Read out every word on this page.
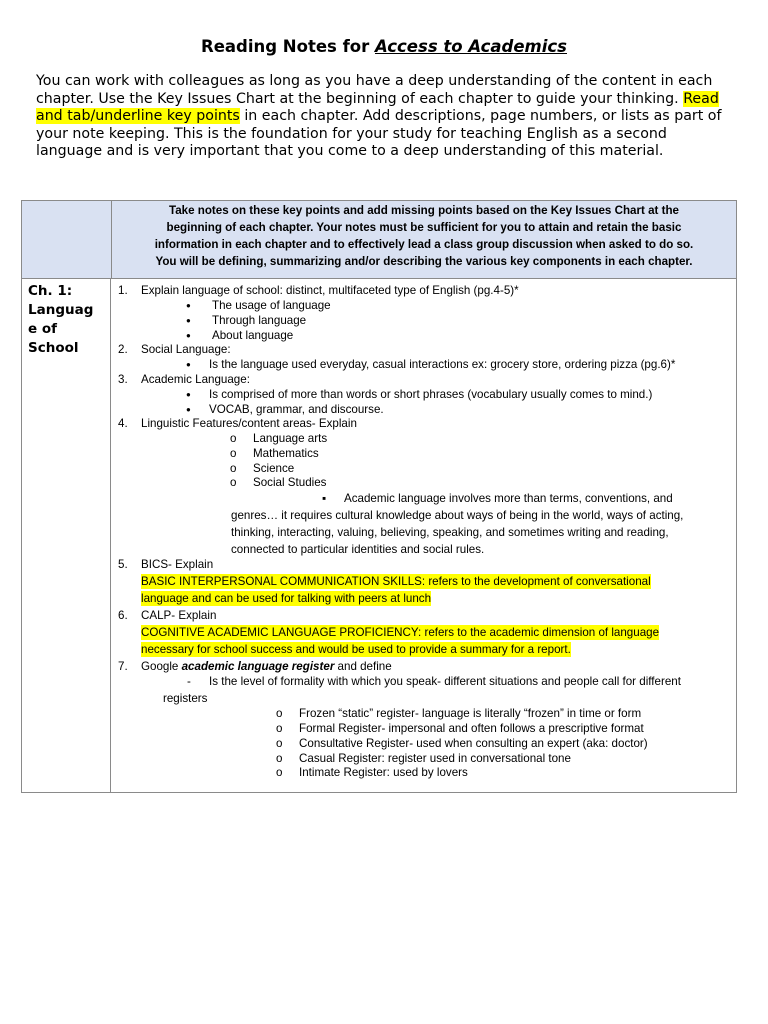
Reading Notes for Access to Academics
You can work with colleagues as long as you have a deep understanding of the content in each chapter. Use the Key Issues Chart at the beginning of each chapter to guide your thinking. Read and tab/underline key points in each chapter. Add descriptions, page numbers, or lists as part of your note keeping. This is the foundation for your study for teaching English as a second language and is very important that you come to a deep understanding of this material.
Take notes on these key points and add missing points based on the Key Issues Chart at the
beginning of each chapter. Your notes must be sufficient for you to attain and retain the basic
information in each chapter and to effectively lead a class group discussion when asked to do so.
You will be defining, summarizing and/or describing the various key components in each chapter.
Ch. 1:
Languag
e of
School
1. Explain language of school: distinct, multifaceted type of English (pg.4-5)*
● The usage of language
● Through language
● About language
2. Social Language:
● Is the language used everyday, casual interactions ex: grocery store, ordering pizza (pg.6)*
3. Academic Language:
● Is comprised of more than words or short phrases (vocabulary usually comes to mind.)
● VOCAB, grammar, and discourse.
4. Linguistic Features/content areas- Explain
o Language arts
o Mathematics
o Science
o Social Studies
▪ Academic language involves more than terms, conventions, and
genres… it requires cultural knowledge about ways of being in the world, ways of acting,
thinking, interacting, valuing, believing, speaking, and sometimes writing and reading,
connected to particular identities and social rules.
5. BICS- Explain
BASIC INTERPERSONAL COMMUNICATION SKILLS: refers to the development of conversational
language and can be used for talking with peers at lunch
6. CALP- Explain
COGNITIVE ACADEMIC LANGUAGE PROFICIENCY: refers to the academic dimension of language
necessary for school success and would be used to provide a summary for a report.
7. Google academic language register and define
- Is the level of formality with which you speak- different situations and people call for different
registers
o Frozen “static” register- language is literally “frozen” in time or form
o Formal Register- impersonal and often follows a prescriptive format
o Consultative Register- used when consulting an expert (aka: doctor)
o Casual Register: register used in conversational tone
o Intimate Register: used by lovers
